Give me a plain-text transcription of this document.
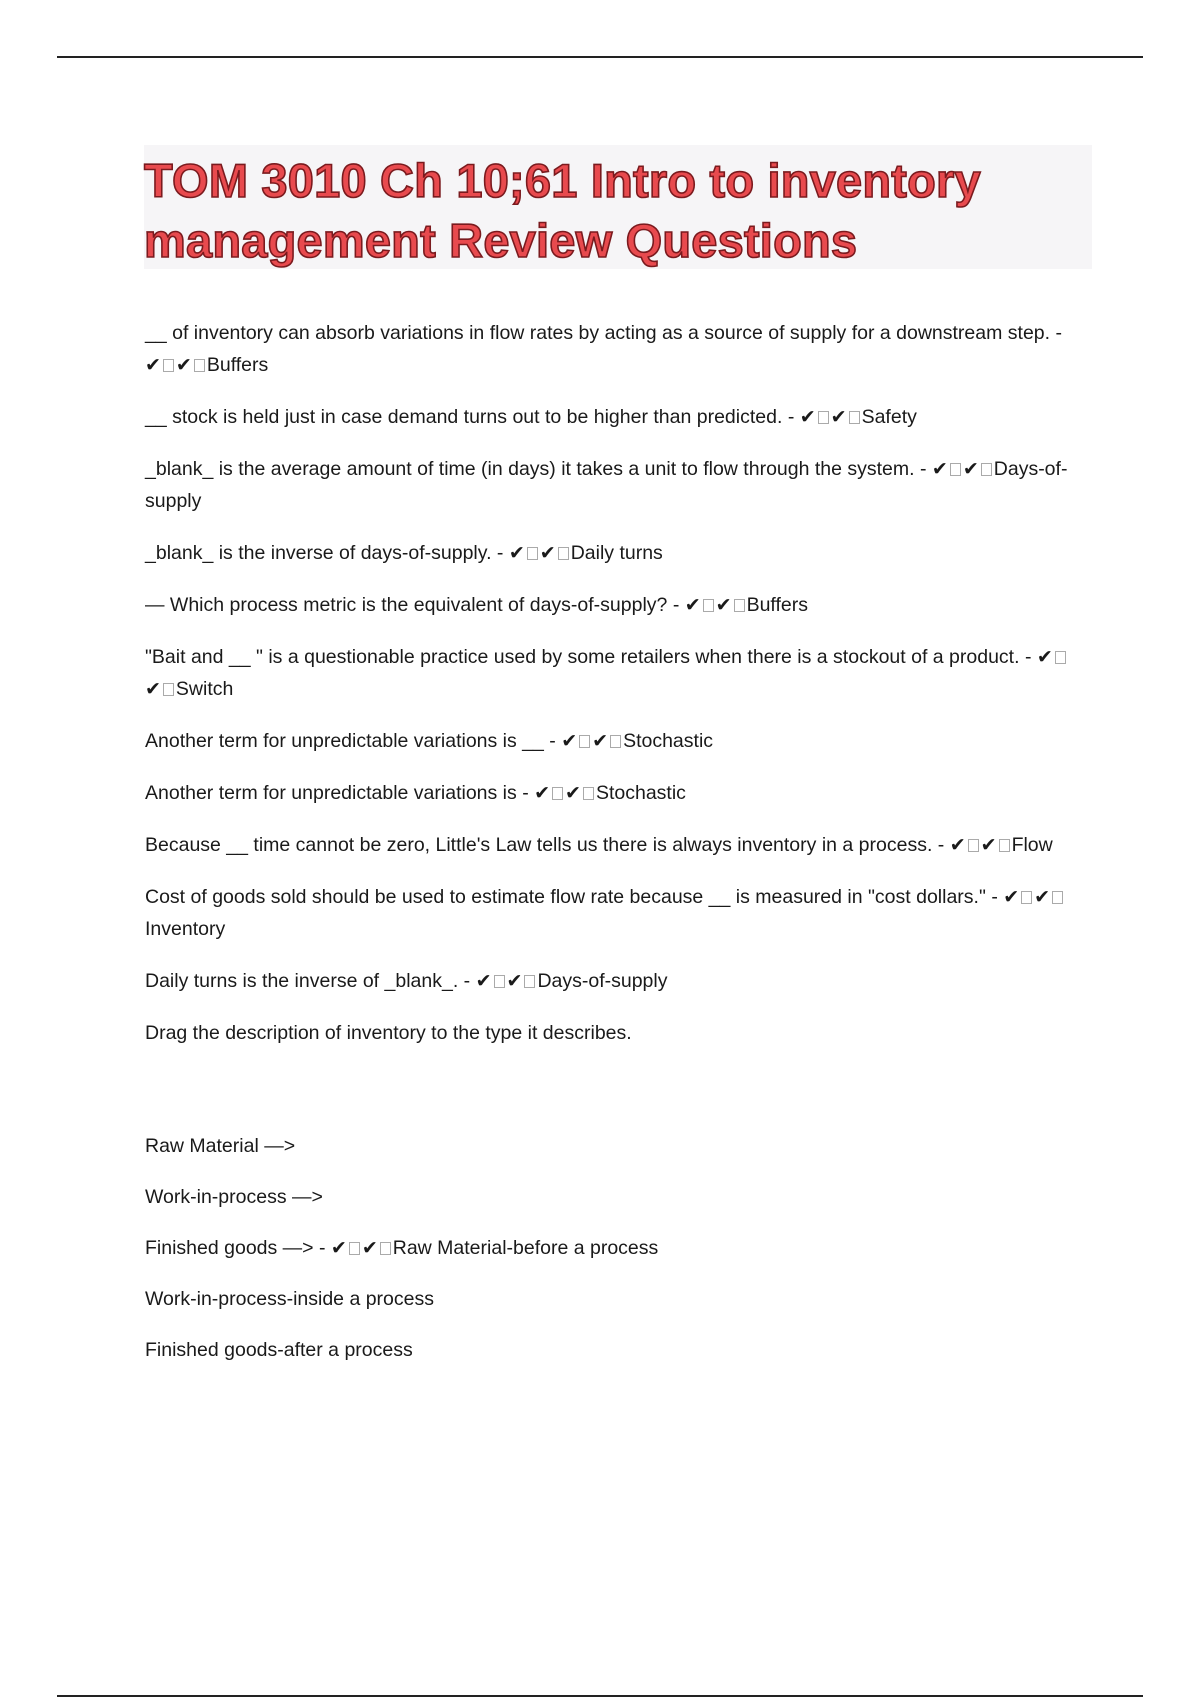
TOM 3010 Ch 10;61 Intro to inventory
management Review Questions

__ of inventory can absorb variations in flow rates by acting as a source of supply for a downstream step. - ✔ ✔ Buffers

__ stock is held just in case demand turns out to be higher than predicted. - ✔ ✔ Safety

_blank_ is the average amount of time (in days) it takes a unit to flow through the system. - ✔ ✔ Days-of-supply

_blank_ is the inverse of days-of-supply. - ✔ ✔ Daily turns

— Which process metric is the equivalent of days-of-supply? - ✔ ✔ Buffers

"Bait and __ " is a questionable practice used by some retailers when there is a stockout of a product. - ✔✔ Switch

Another term for unpredictable variations is __ - ✔ ✔ Stochastic

Another term for unpredictable variations is - ✔ ✔ Stochastic

Because __ time cannot be zero, Little's Law tells us there is always inventory in a process. - ✔ ✔ Flow

Cost of goods sold should be used to estimate flow rate because __ is measured in "cost dollars." - ✔ ✔Inventory

Daily turns is the inverse of _blank_. - ✔ ✔ Days-of-supply

Drag the description of inventory to the type it describes.

Raw Material —>

Work-in-process —>

Finished goods —> - ✔ ✔ Raw Material-before a process

Work-in-process-inside a process

Finished goods-after a process
